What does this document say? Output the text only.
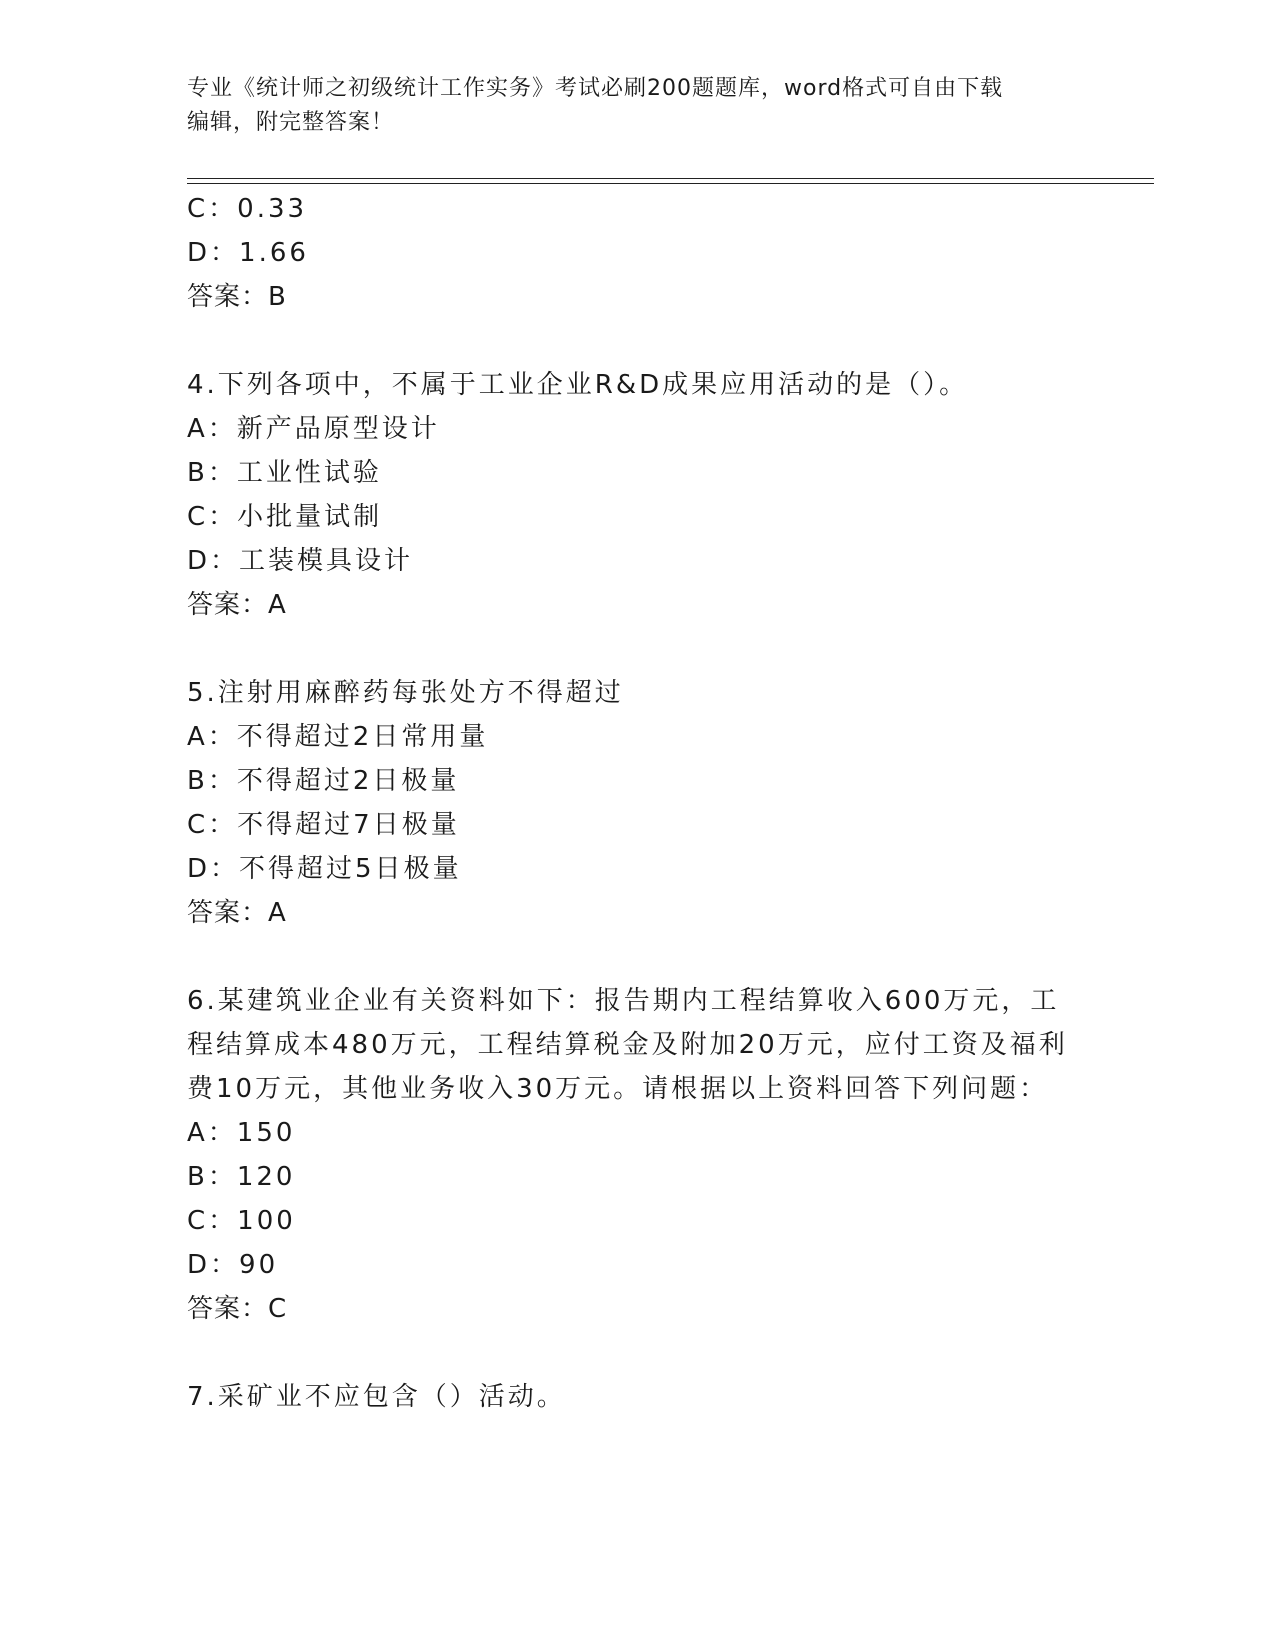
专业《统计师之初级统计工作实务》考试必刷200题题库，word格式可自由下载
编辑，附完整答案！
C：0.33
D：1.66
答案：B
4.下列各项中，不属于工业企业R&D成果应用活动的是（）。
A：新产品原型设计
B：工业性试验
C：小批量试制
D：工装模具设计
答案：A
5.注射用麻醉药每张处方不得超过
A：不得超过2日常用量
B：不得超过2日极量
C：不得超过7日极量
D：不得超过5日极量
答案：A
6.某建筑业企业有关资料如下：报告期内工程结算收入600万元，工
程结算成本480万元，工程结算税金及附加20万元，应付工资及福利
费10万元，其他业务收入30万元。请根据以上资料回答下列问题：
A：150
B：120
C：100
D：90
答案：C
7.采矿业不应包含（）活动。
